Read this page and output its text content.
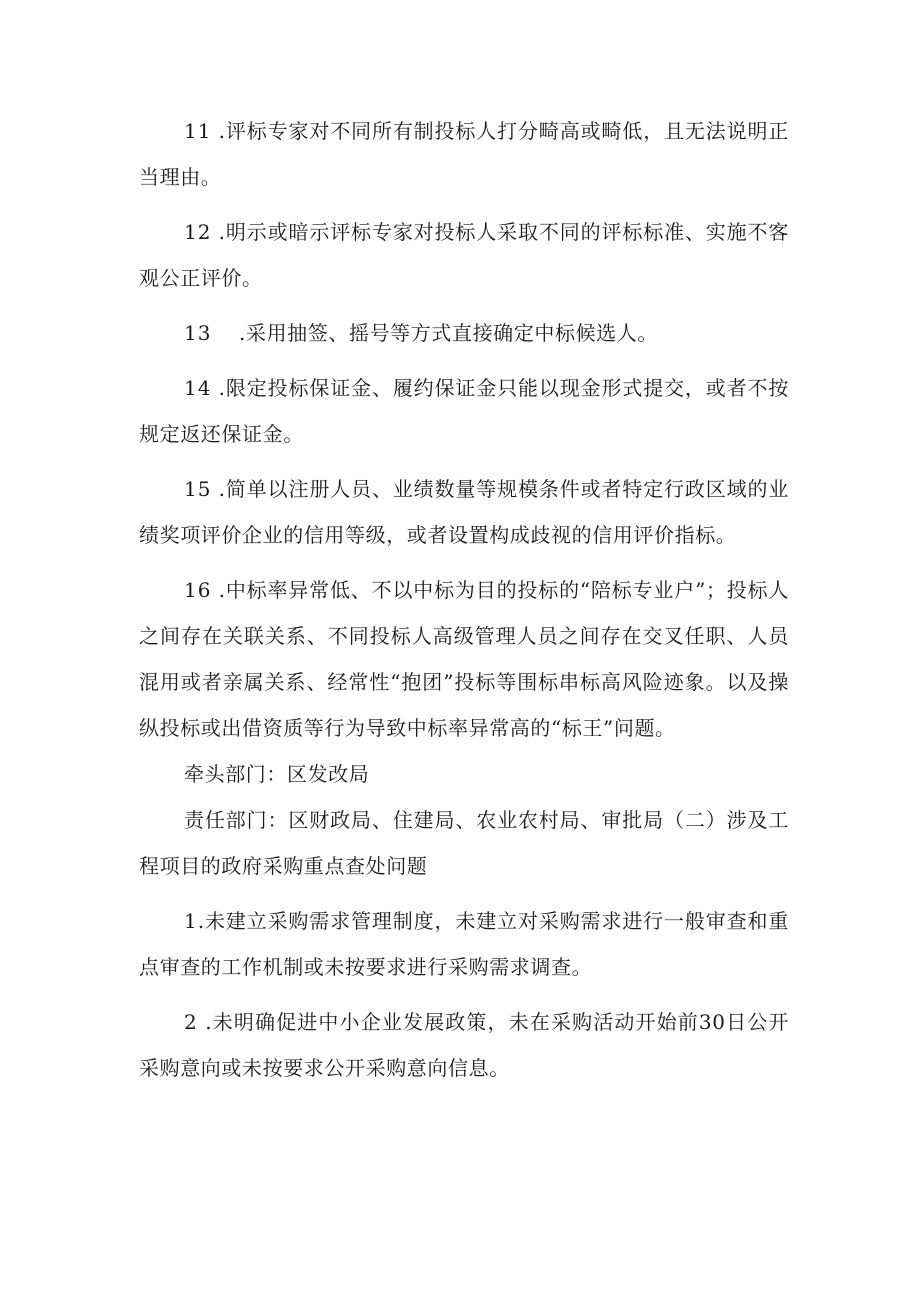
11 .评标专家对不同所有制投标人打分畸高或畸低，且无法说明正当理由。

12 .明示或暗示评标专家对投标人采取不同的评标标准、实施不客观公正评价。

13　 .采用抽签、摇号等方式直接确定中标候选人。

14 .限定投标保证金、履约保证金只能以现金形式提交，或者不按规定返还保证金。

15 .简单以注册人员、业绩数量等规模条件或者特定行政区域的业绩奖项评价企业的信用等级，或者设置构成歧视的信用评价指标。

16 .中标率异常低、不以中标为目的投标的“陪标专业户”；投标人之间存在关联关系、不同投标人高级管理人员之间存在交叉任职、人员混用或者亲属关系、经常性“抱团”投标等围标串标高风险迹象。以及操纵投标或出借资质等行为导致中标率异常高的“标王”问题。

牵头部门：区发改局

责任部门：区财政局、住建局、农业农村局、审批局（二）涉及工程项目的政府采购重点查处问题

1.未建立采购需求管理制度，未建立对采购需求进行一般审查和重点审查的工作机制或未按要求进行采购需求调查。

2 .未明确促进中小企业发展政策，未在采购活动开始前30日公开采购意向或未按要求公开采购意向信息。
